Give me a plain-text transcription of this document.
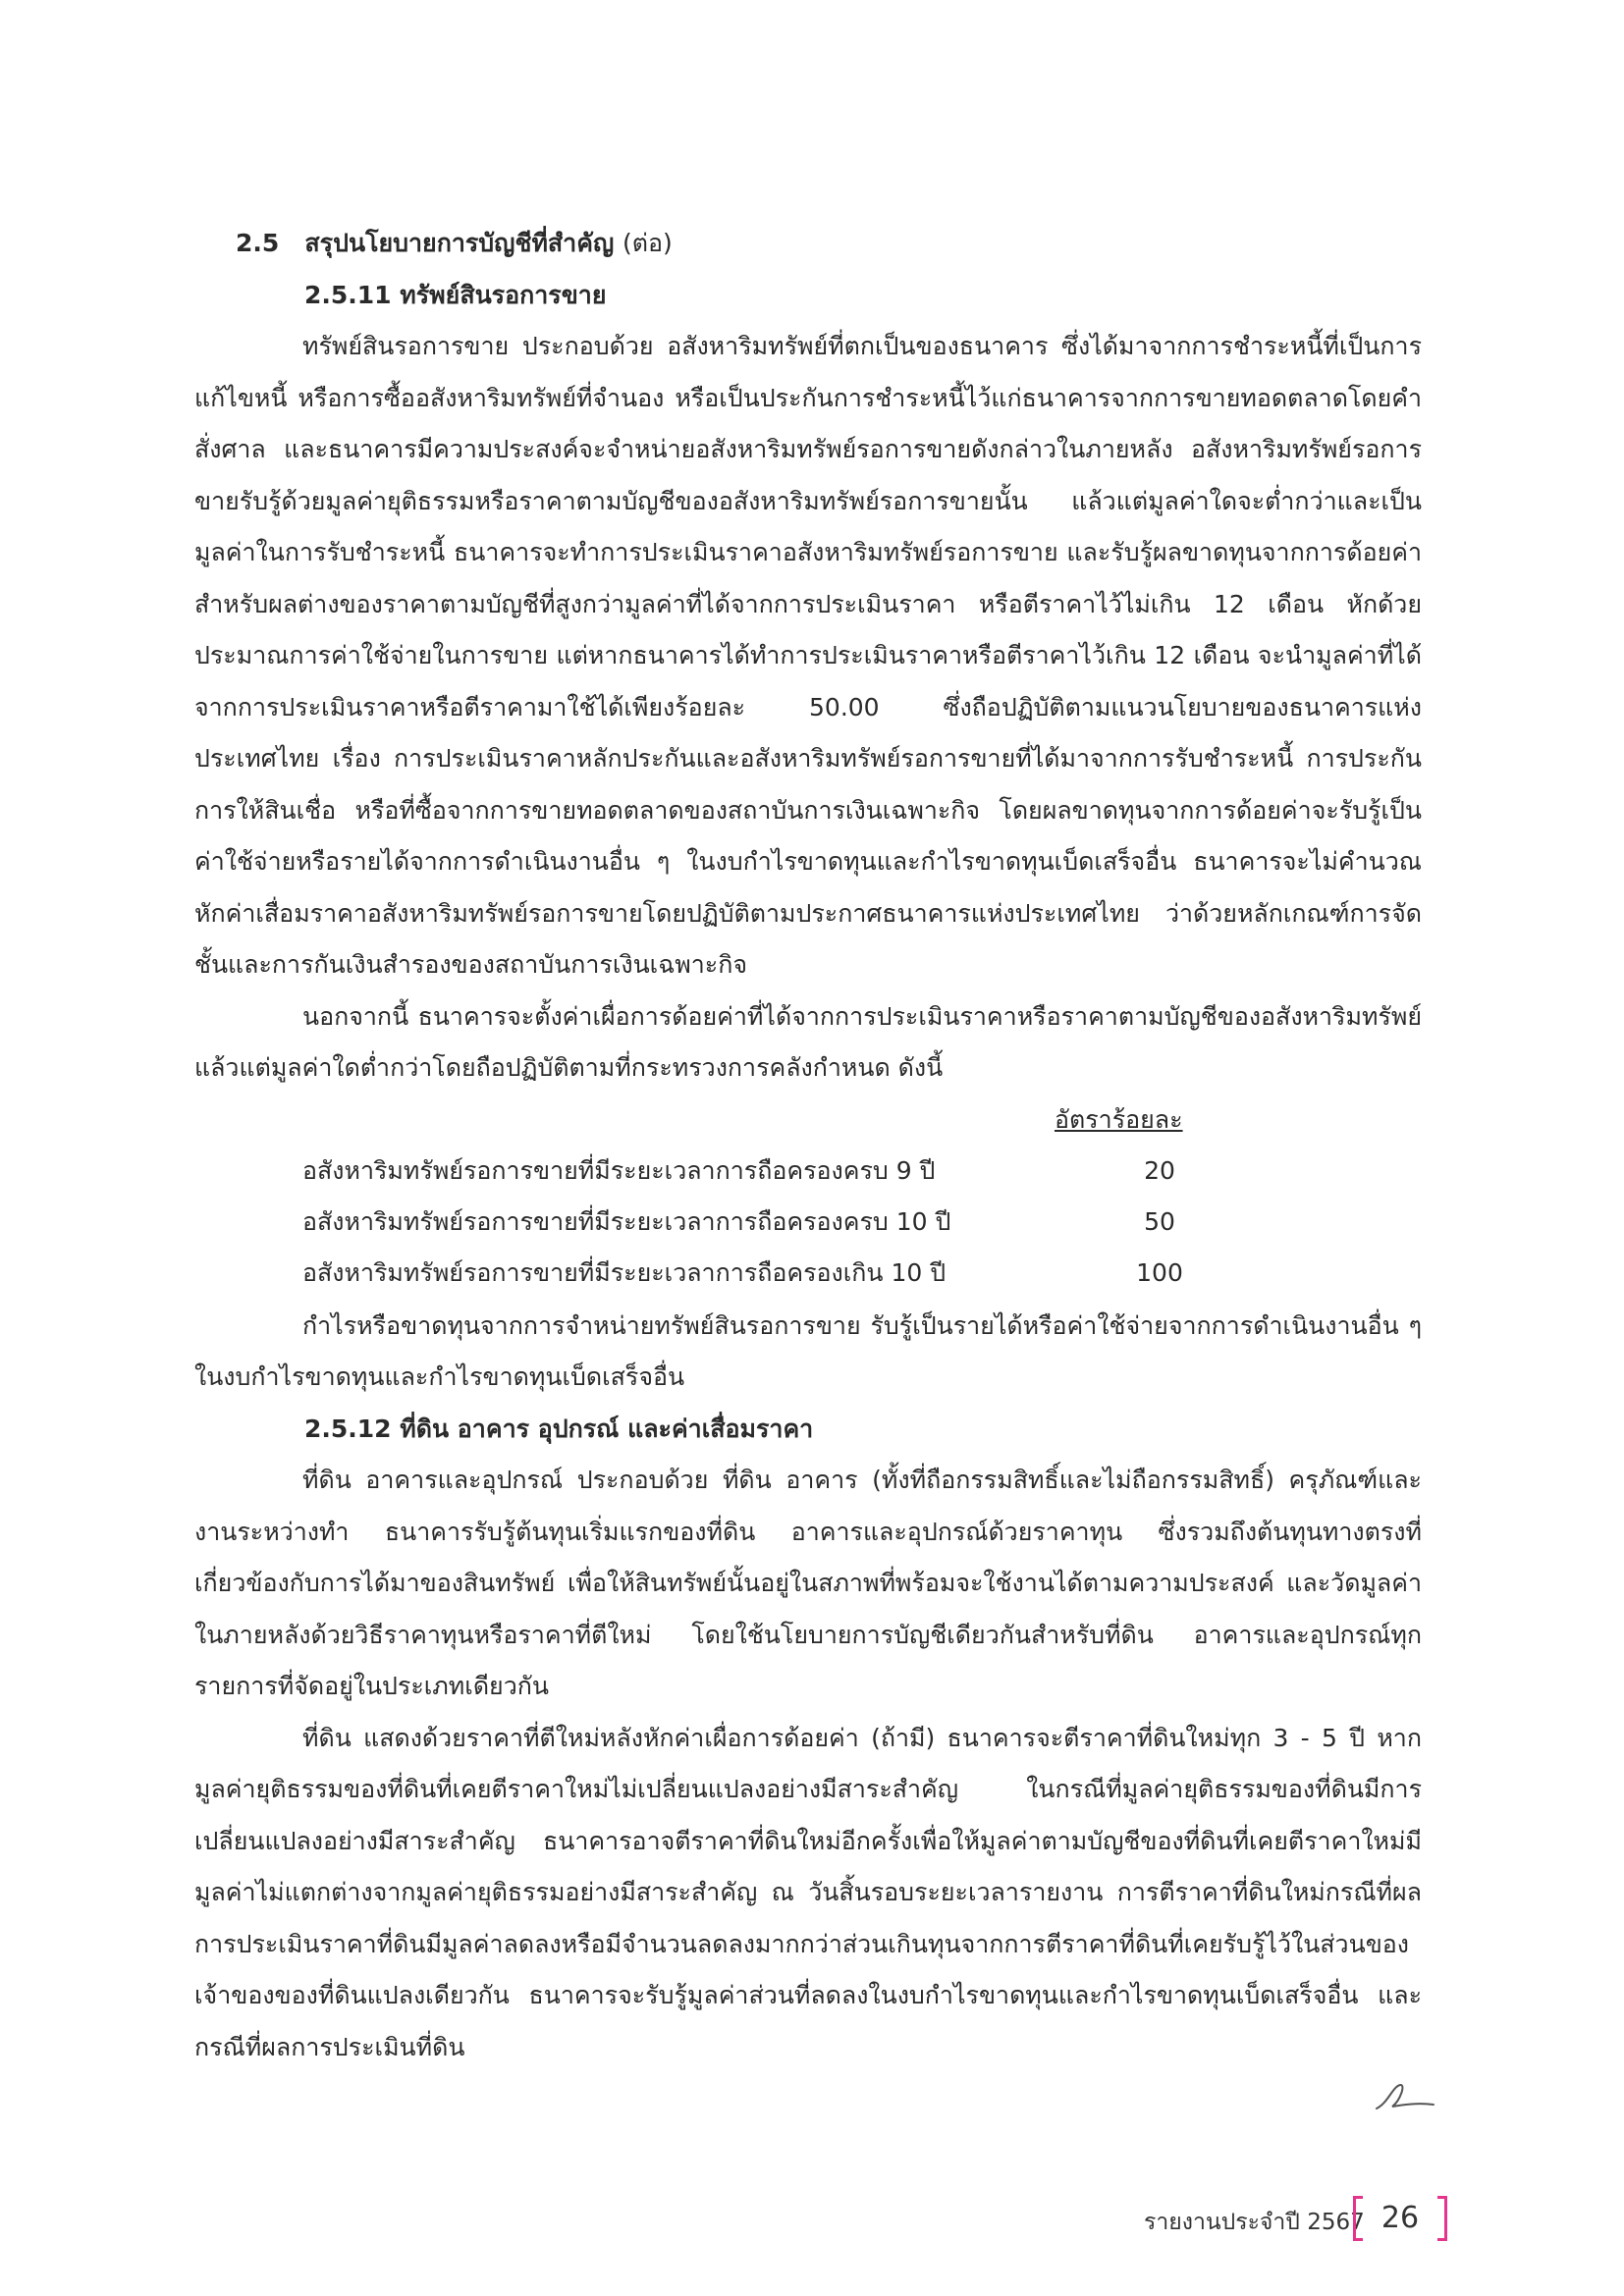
2.5 สรุปนโยบายการบัญชีที่สำคัญ (ต่อ)
2.5.11 ทรัพย์สินรอการขาย

ทรัพย์สินรอการขาย ประกอบด้วย อสังหาริมทรัพย์ที่ตกเป็นของธนาคาร ซึ่งได้มาจากการชำระหนี้ที่เป็นการแก้ไขหนี้ หรือการซื้ออสังหาริมทรัพย์ที่จำนอง หรือเป็นประกันการชำระหนี้ไว้แก่ธนาคารจากการขายทอดตลาดโดยคำสั่งศาล และธนาคารมีความประสงค์จะจำหน่ายอสังหาริมทรัพย์รอการขายดังกล่าวในภายหลัง อสังหาริมทรัพย์รอการขายรับรู้ด้วยมูลค่ายุติธรรมหรือราคาตามบัญชีของอสังหาริมทรัพย์รอการขายนั้น แล้วแต่มูลค่าใดจะต่ำกว่าและเป็นมูลค่าในการรับชำระหนี้ ธนาคารจะทำการประเมินราคาอสังหาริมทรัพย์รอการขาย และรับรู้ผลขาดทุนจากการด้อยค่าสำหรับผลต่างของราคาตามบัญชีที่สูงกว่ามูลค่าที่ได้จากการประเมินราคา หรือตีราคาไว้ไม่เกิน 12 เดือน หักด้วยประมาณการค่าใช้จ่ายในการขาย แต่หากธนาคารได้ทำการประเมินราคาหรือตีราคาไว้เกิน 12 เดือน จะนำมูลค่าที่ได้จากการประเมินราคาหรือตีราคามาใช้ได้เพียงร้อยละ 50.00 ซึ่งถือปฏิบัติตามแนวนโยบายของธนาคารแห่งประเทศไทย เรื่อง การประเมินราคาหลักประกันและอสังหาริมทรัพย์รอการขายที่ได้มาจากการรับชำระหนี้ การประกันการให้สินเชื่อ หรือที่ซื้อจากการขายทอดตลาดของสถาบันการเงินเฉพาะกิจ โดยผลขาดทุนจากการด้อยค่าจะรับรู้เป็นค่าใช้จ่ายหรือรายได้จากการดำเนินงานอื่น ๆ ในงบกำไรขาดทุนและกำไรขาดทุนเบ็ดเสร็จอื่น ธนาคารจะไม่คำนวณหักค่าเสื่อมราคาอสังหาริมทรัพย์รอการขายโดยปฏิบัติตามประกาศธนาคารแห่งประเทศไทย ว่าด้วยหลักเกณฑ์การจัดชั้นและการกันเงินสำรองของสถาบันการเงินเฉพาะกิจ

นอกจากนี้ ธนาคารจะตั้งค่าเผื่อการด้อยค่าที่ได้จากการประเมินราคาหรือราคาตามบัญชีของอสังหาริมทรัพย์แล้วแต่มูลค่าใดต่ำกว่าโดยถือปฏิบัติตามที่กระทรวงการคลังกำหนด ดังนี้

อัตราร้อยละ
อสังหาริมทรัพย์รอการขายที่มีระยะเวลาการถือครองครบ 9 ปี	20
อสังหาริมทรัพย์รอการขายที่มีระยะเวลาการถือครองครบ 10 ปี	50
อสังหาริมทรัพย์รอการขายที่มีระยะเวลาการถือครองเกิน 10 ปี	100

กำไรหรือขาดทุนจากการจำหน่ายทรัพย์สินรอการขาย รับรู้เป็นรายได้หรือค่าใช้จ่ายจากการดำเนินงานอื่น ๆ ในงบกำไรขาดทุนและกำไรขาดทุนเบ็ดเสร็จอื่น

2.5.12 ที่ดิน อาคาร อุปกรณ์ และค่าเสื่อมราคา

ที่ดิน อาคารและอุปกรณ์ ประกอบด้วย ที่ดิน อาคาร (ทั้งที่ถือกรรมสิทธิ์และไม่ถือกรรมสิทธิ์) ครุภัณฑ์และงานระหว่างทำ ธนาคารรับรู้ต้นทุนเริ่มแรกของที่ดิน อาคารและอุปกรณ์ด้วยราคาทุน ซึ่งรวมถึงต้นทุนทางตรงที่เกี่ยวข้องกับการได้มาของสินทรัพย์ เพื่อให้สินทรัพย์นั้นอยู่ในสภาพที่พร้อมจะใช้งานได้ตามความประสงค์ และวัดมูลค่าในภายหลังด้วยวิธีราคาทุนหรือราคาที่ตีใหม่ โดยใช้นโยบายการบัญชีเดียวกันสำหรับที่ดิน อาคารและอุปกรณ์ทุกรายการที่จัดอยู่ในประเภทเดียวกัน

ที่ดิน แสดงด้วยราคาที่ตีใหม่หลังหักค่าเผื่อการด้อยค่า (ถ้ามี) ธนาคารจะตีราคาที่ดินใหม่ทุก 3 - 5 ปี หากมูลค่ายุติธรรมของที่ดินที่เคยตีราคาใหม่ไม่เปลี่ยนแปลงอย่างมีสาระสำคัญ ในกรณีที่มูลค่ายุติธรรมของที่ดินมีการเปลี่ยนแปลงอย่างมีสาระสำคัญ ธนาคารอาจตีราคาที่ดินใหม่อีกครั้งเพื่อให้มูลค่าตามบัญชีของที่ดินที่เคยตีราคาใหม่มีมูลค่าไม่แตกต่างจากมูลค่ายุติธรรมอย่างมีสาระสำคัญ ณ วันสิ้นรอบระยะเวลารายงาน การตีราคาที่ดินใหม่กรณีที่ผลการประเมินราคาที่ดินมีมูลค่าลดลงหรือมีจำนวนลดลงมากกว่าส่วนเกินทุนจากการตีราคาที่ดินที่เคยรับรู้ไว้ในส่วนของเจ้าของของที่ดินแปลงเดียวกัน ธนาคารจะรับรู้มูลค่าส่วนที่ลดลงในงบกำไรขาดทุนและกำไรขาดทุนเบ็ดเสร็จอื่น และกรณีที่ผลการประเมินที่ดิน

รายงานประจำปี 2567 26
